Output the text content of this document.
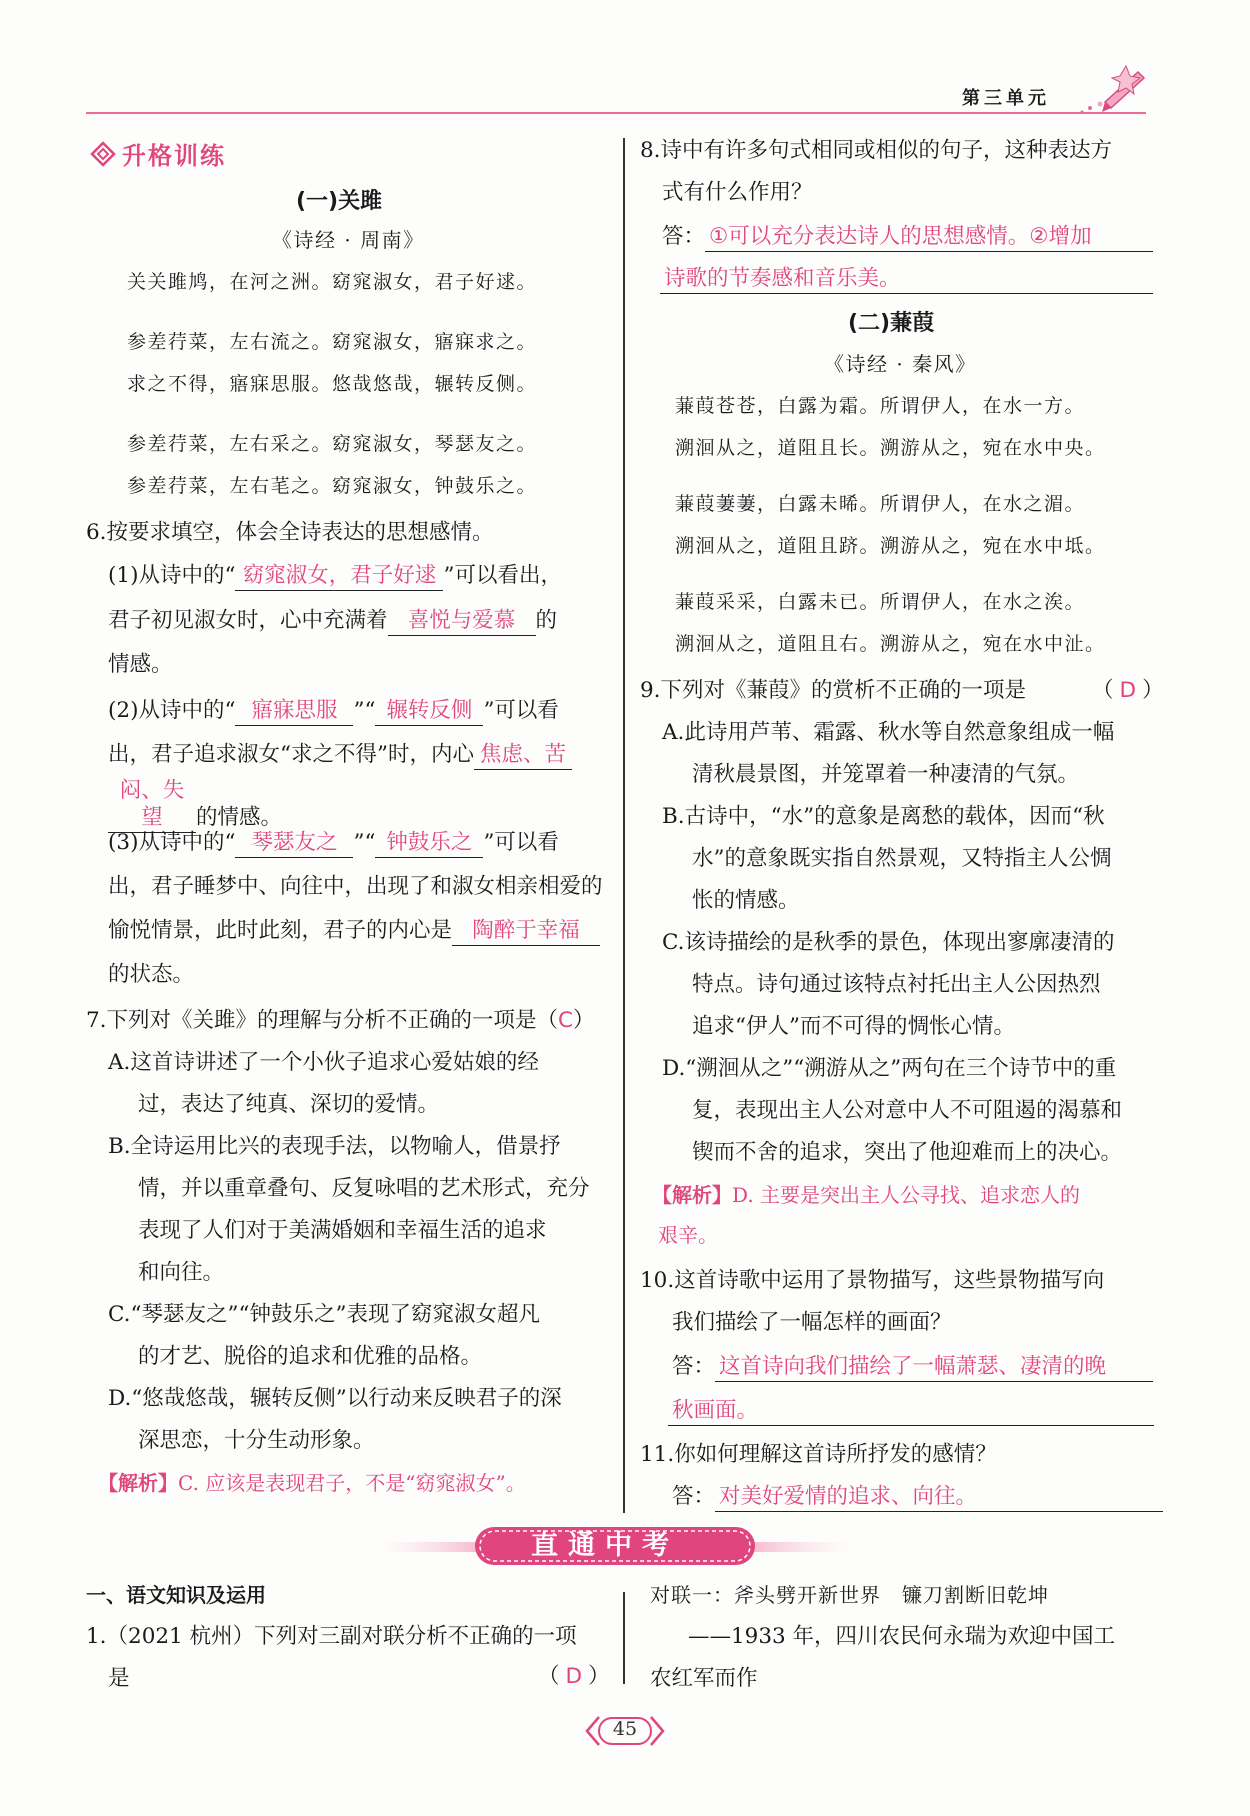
第三单元
升格训练
(一)关雎
《诗经 · 周南》
关关雎鸠，在河之洲。窈窕淑女，君子好逑。
参差荇菜，左右流之。窈窕淑女，寤寐求之。
求之不得，寤寐思服。悠哉悠哉，辗转反侧。
参差荇菜，左右采之。窈窕淑女，琴瑟友之。
参差荇菜，左右芼之。窈窕淑女，钟鼓乐之。
6.按要求填空，体会全诗表达的思想感情。
(1)从诗中的“ 窈窕淑女，君子好逑 ”可以看出，
君子初见淑女时，心中充满着 喜悦与爱慕 的
情感。
(2)从诗中的“ 寤寐思服 ”“ 辗转反侧 ”可以看
出，君子追求淑女“求之不得”时，内心 焦虑、苦
闷、失望 的情感。
(3)从诗中的“ 琴瑟友之 ”“ 钟鼓乐之 ”可以看
出，君子睡梦中、向往中，出现了和淑女相亲相爱的
愉悦情景，此时此刻，君子的内心是 陶醉于幸福
的状态。
7.下列对《关雎》的理解与分析不正确的一项是（C）
A.这首诗讲述了一个小伙子追求心爱姑娘的经
过，表达了纯真、深切的爱情。
B.全诗运用比兴的表现手法，以物喻人，借景抒
情，并以重章叠句、反复咏唱的艺术形式，充分
表现了人们对于美满婚姻和幸福生活的追求
和向往。
C.“琴瑟友之”“钟鼓乐之”表现了窈窕淑女超凡
的才艺、脱俗的追求和优雅的品格。
D.“悠哉悠哉，辗转反侧”以行动来反映君子的深
深思恋，十分生动形象。
【解析】C. 应该是表现君子，不是“窈窕淑女”。
8.诗中有许多句式相同或相似的句子，这种表达方
式有什么作用？
答： ①可以充分表达诗人的思想感情。②增加
诗歌的节奏感和音乐美。
(二)蒹葭
《诗经 · 秦风》
蒹葭苍苍，白露为霜。所谓伊人，在水一方。
溯洄从之，道阻且长。溯游从之，宛在水中央。
蒹葭萋萋，白露未晞。所谓伊人，在水之湄。
溯洄从之，道阻且跻。溯游从之，宛在水中坻。
蒹葭采采，白露未已。所谓伊人，在水之涘。
溯洄从之，道阻且右。溯游从之，宛在水中沚。
9.下列对《蒹葭》的赏析不正确的一项是	（ D ）
A.此诗用芦苇、霜露、秋水等自然意象组成一幅
清秋晨景图，并笼罩着一种凄清的气氛。
B.古诗中，“水”的意象是离愁的载体，因而“秋
水”的意象既实指自然景观，又特指主人公惆
怅的情感。
C.该诗描绘的是秋季的景色，体现出寥廓凄清的
特点。诗句通过该特点衬托出主人公因热烈
追求“伊人”而不可得的惆怅心情。
D.“溯洄从之”“溯游从之”两句在三个诗节中的重
复，表现出主人公对意中人不可阻遏的渴慕和
锲而不舍的追求，突出了他迎难而上的决心。
【解析】D. 主要是突出主人公寻找、追求恋人的
艰辛。
10.这首诗歌中运用了景物描写，这些景物描写向
我们描绘了一幅怎样的画面？
答： 这首诗向我们描绘了一幅萧瑟、凄清的晚
秋画面。
11.你如何理解这首诗所抒发的感情？
答： 对美好爱情的追求、向往。
直通中考
一、语文知识及运用
1.（2021 杭州）下列对三副对联分析不正确的一项
是	（ D ）
对联一：斧头劈开新世界　镰刀割断旧乾坤
——1933 年，四川农民何永瑞为欢迎中国工
农红军而作
45
